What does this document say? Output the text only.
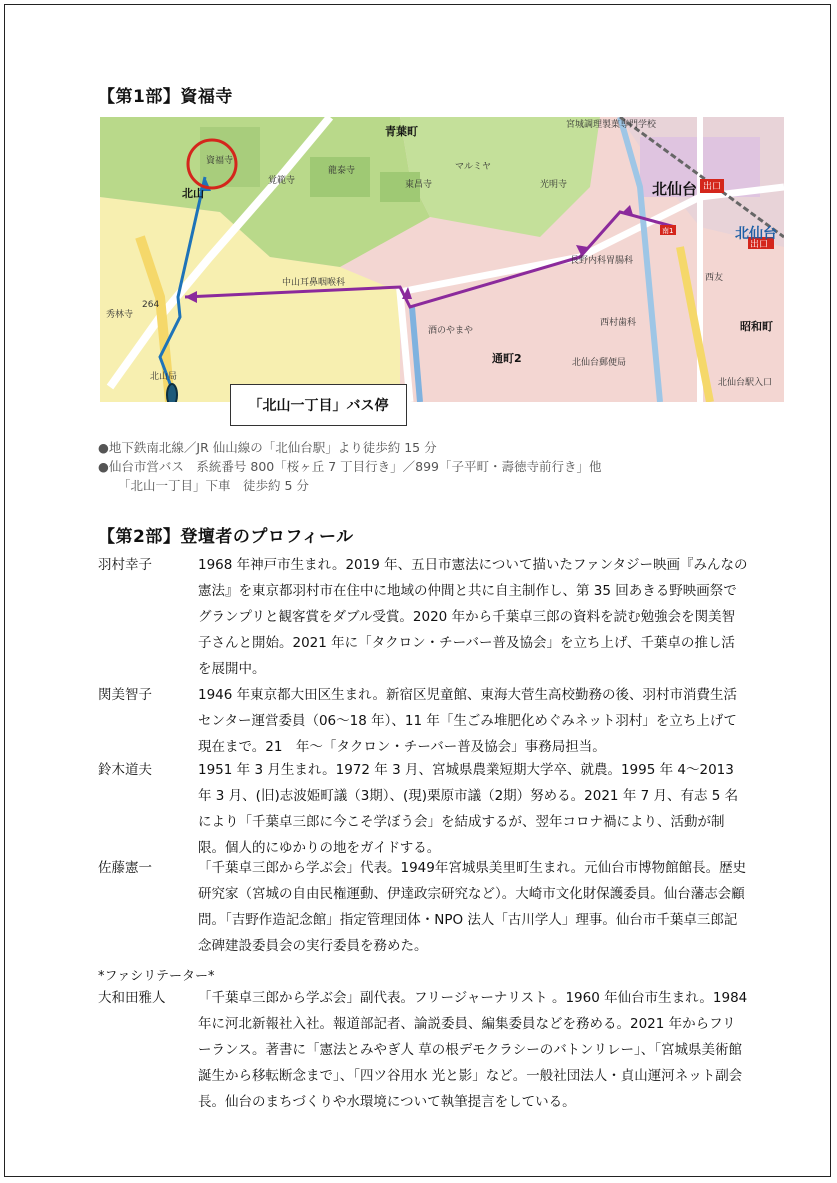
【第1部】資福寺
資福寺
北山
青葉町
北仙台
北仙台
宮城調理製菓専門学校
出口
南1
出口
昭和町
通町2
西村歯科
北仙台郵便局
中山耳鼻咽喉科
酒のやまや
龍泰寺
東昌寺	光明寺
覚範寺
マルミヤ
西友
長野内科胃腸科
秀林寺
北山局
北仙台駅入口
264
「北山一丁目」バス停
●地下鉄南北線／JR 仙山線の「北仙台駅」より徒歩約 15 分
●仙台市営バス　系統番号 800「桜ヶ丘 7 丁目行き」／899「子平町・壽徳寺前行き」他
「北山一丁目」下車　徒歩約 5 分
【第2部】登壇者のプロフィール
羽村幸子	1968 年神戸市生まれ。2019 年、五日市憲法について描いたファンタジー映画『みんなの憲法』を東京都羽村市在住中に地域の仲間と共に自主制作し、第 35 回あきる野映画祭でグランプリと観客賞をダブル受賞。2020 年から千葉卓三郎の資料を読む勉強会を関美智子さんと開始。2021 年に「タクロン・チーバー普及協会」を立ち上げ、千葉卓の推し活を展開中。
関美智子	1946 年東京都大田区生まれ。新宿区児童館、東海大菅生高校勤務の後、羽村市消費生活センター運営委員（06～18 年）、11 年「生ごみ堆肥化めぐみネット羽村」を立ち上げて現在まで。21　年～「タクロン・チーバー普及協会」事務局担当。
鈴木道夫	1951 年 3 月生まれ。1972 年 3 月、宮城県農業短期大学卒、就農。1995 年 4～2013 年 3 月、(旧)志波姫町議（3期）、(現)栗原市議（2期）努める。2021 年 7 月、有志 5 名により「千葉卓三郎に今こそ学ぼう会」を結成するが、翌年コロナ禍により、活動が制限。個人的にゆかりの地をガイドする。
佐藤憲一	「千葉卓三郎から学ぶ会」代表。1949年宮城県美里町生まれ。元仙台市博物館館長。歴史研究家（宮城の自由民権運動、伊達政宗研究など）。大崎市文化財保護委員。仙台藩志会顧問。「吉野作造記念館」指定管理団体・NPO 法人「古川学人」理事。仙台市千葉卓三郎記念碑建設委員会の実行委員を務めた。
*ファシリテーター*
大和田雅人	「千葉卓三郎から学ぶ会」副代表。フリージャーナリスト 。1960 年仙台市生まれ。1984 年に河北新報社入社。報道部記者、論説委員、編集委員などを務める。2021 年からフリーランス。著書に「憲法とみやぎ人 草の根デモクラシーのバトンリレー」、「宮城県美術館 誕生から移転断念まで」、「四ツ谷用水 光と影」など。一般社団法人・貞山運河ネット副会長。仙台のまちづくりや水環境について執筆提言をしている。
